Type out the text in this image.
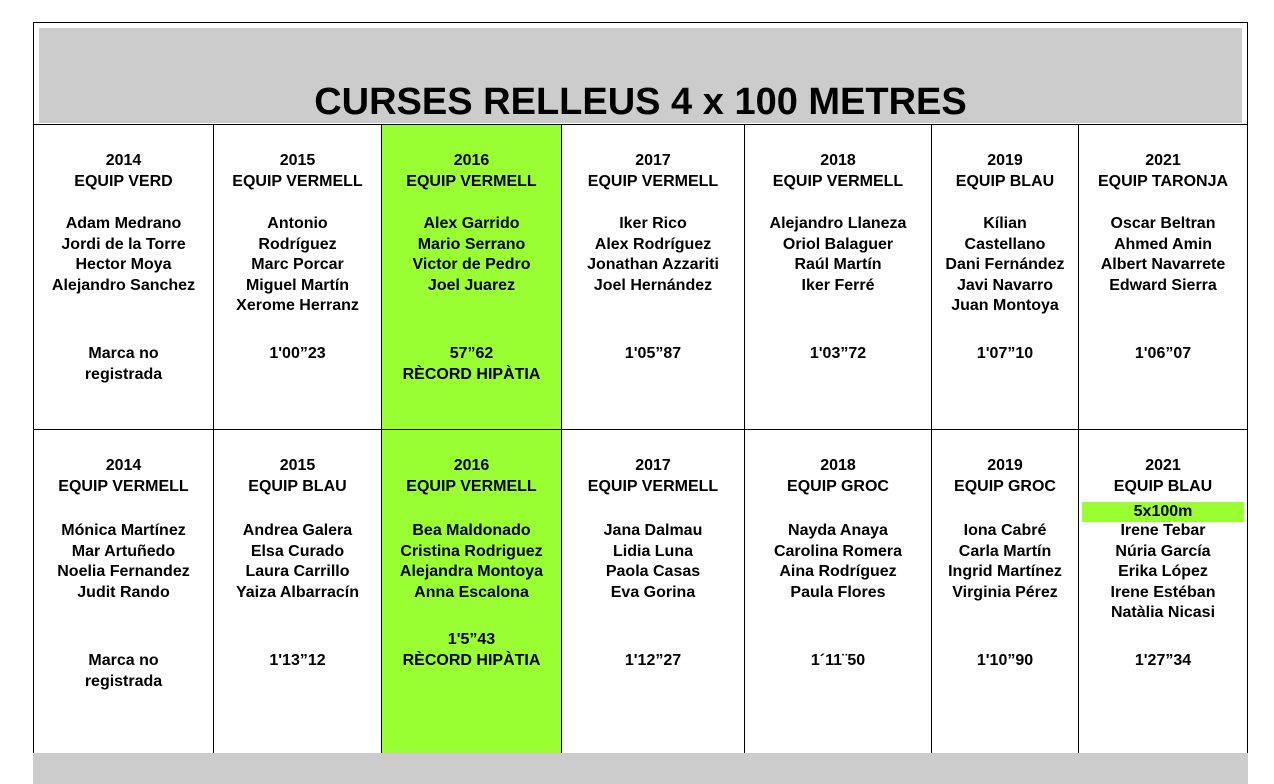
CURSES RELLEUS 4 x 100 METRES
2014
EQUIP VERD
Adam Medrano
Jordi de la Torre
Hector Moya
Alejandro Sanchez
Marca no
registrada
2015
EQUIP VERMELL
Antonio
Rodríguez
Marc Porcar
Miguel Martín
Xerome Herranz
1'00”23
2016
EQUIP VERMELL
Alex Garrido
Mario Serrano
Victor de Pedro
Joel Juarez
57”62
RÈCORD HIPÀTIA
2017
EQUIP VERMELL
Iker Rico
Alex Rodríguez
Jonathan Azzariti
Joel Hernández
1'05”87
2018
EQUIP VERMELL
Alejandro Llaneza
Oriol Balaguer
Raúl Martín
Iker Ferré
1'03”72
2019
EQUIP BLAU
Kílian
Castellano
Dani Fernández
Javi Navarro
Juan Montoya
1'07”10
2021
EQUIP TARONJA
Oscar Beltran
Ahmed Amin
Albert Navarrete
Edward Sierra
1'06”07
2014
EQUIP VERMELL
Mónica Martínez
Mar Artuñedo
Noelia Fernandez
Judit Rando
Marca no
registrada
2015
EQUIP BLAU
Andrea Galera
Elsa Curado
Laura Carrillo
Yaiza Albarracín
1'13”12
2016
EQUIP VERMELL
Bea Maldonado
Cristina Rodriguez
Alejandra Montoya
Anna Escalona
1'5”43
RÈCORD HIPÀTIA
2017
EQUIP VERMELL
Jana Dalmau
Lidia Luna
Paola Casas
Eva Gorina
1'12”27
2018
EQUIP GROC
Nayda Anaya
Carolina Romera
Aina Rodríguez
Paula Flores
1´11¨50
2019
EQUIP GROC
Iona Cabré
Carla Martín
Ingrid Martínez
Virginia Pérez
1'10”90
2021
EQUIP BLAU
5x100m
Irene Tebar
Núria García
Erika López
Irene Estéban
Natàlia Nicasi
1'27”34
